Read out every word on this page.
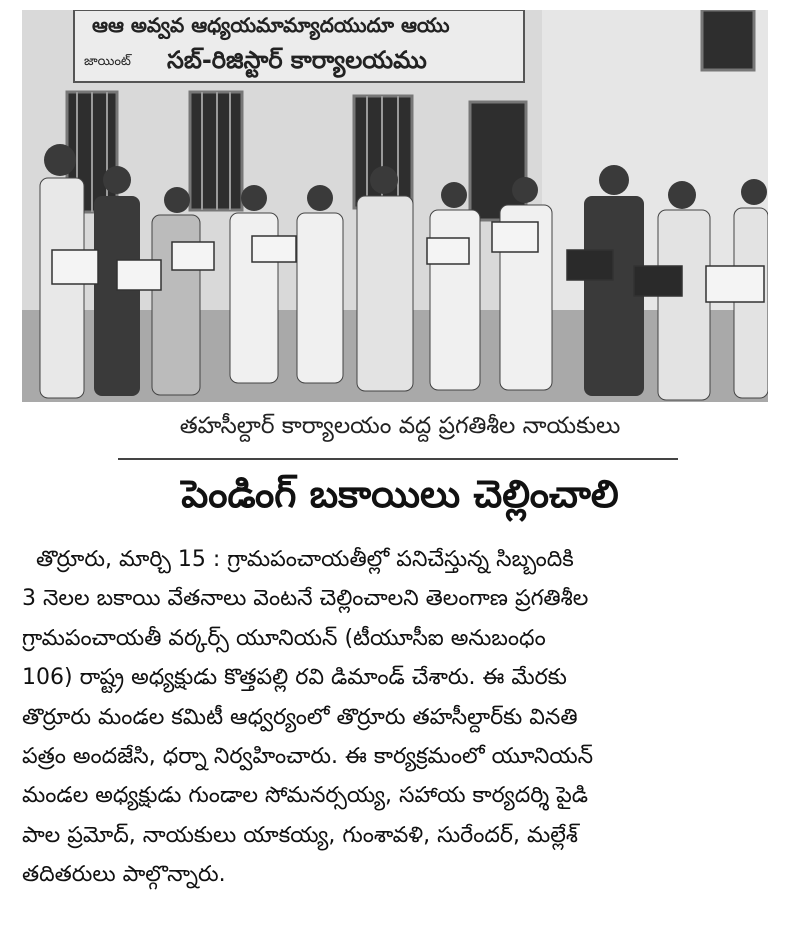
ఆఆ అవ్వవ ఆధ్యయమామ్యాదయుదూ ఆయు
జాయింట్ సబ్-రిజిస్టార్ కార్యాలయము
తహసీల్దార్ కార్యాలయం వద్ద ప్రగతిశీల నాయకులు
పెండింగ్ బకాయిలు చెల్లించాలి
తొర్రూరు, మార్చి 15 : గ్రామపంచాయతీల్లో పనిచేస్తున్న సిబ్బందికి
3 నెలల బకాయి వేతనాలు వెంటనే చెల్లించాలని తెలంగాణ ప్రగతిశీల
గ్రామపంచాయతీ వర్కర్స్ యూనియన్ (టీయూసీఐ అనుబంధం
106) రాష్ట్ర అధ్యక్షుడు కొత్తపల్లి రవి డిమాండ్ చేశారు. ఈ మేరకు
తొర్రూరు మండల కమిటీ ఆధ్వర్యంలో తొర్రూరు తహసీల్దార్‌కు వినతి
పత్రం అందజేసి, ధర్నా నిర్వహించారు. ఈ కార్యక్రమంలో యూనియన్
మండల అధ్యక్షుడు గుండాల సోమనర్సయ్య, సహాయ కార్యదర్శి పైడి
పాల ప్రమోద్, నాయకులు యాకయ్య, గుంశావళి, సురేందర్, మల్లేశ్
తదితరులు పాల్గొన్నారు.
